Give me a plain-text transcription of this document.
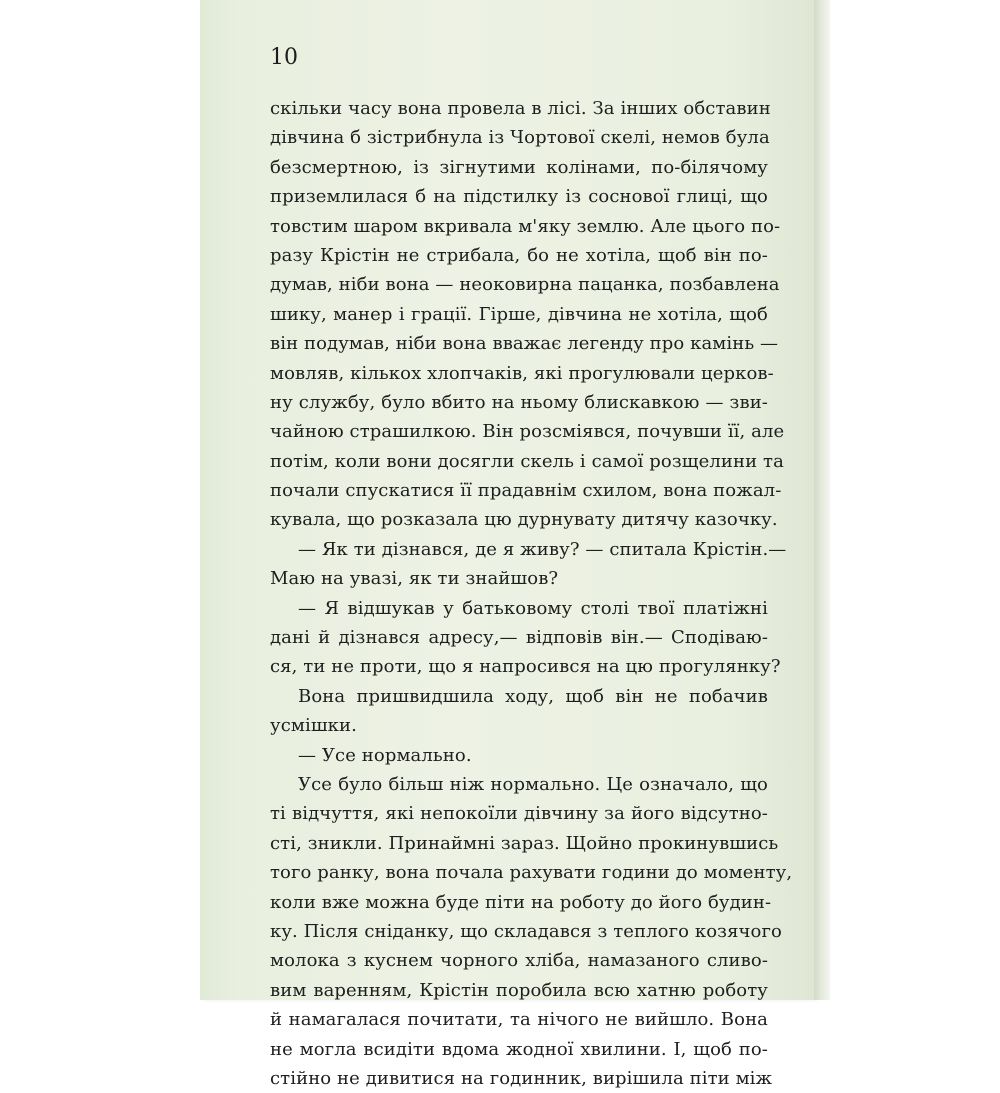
10

скільки часу вона провела в лісі. За інших обставин
дівчина б зістрибнула із Чортової скелі, немов була
безсмертною, із зігнутими колінами, по-білячому
приземлилася б на підстилку із соснової глиці, що
товстим шаром вкривала м'яку землю. Але цього по-
разу Крістін не стрибала, бо не хотіла, щоб він по-
думав, ніби вона — неоковирна пацанка, позбавлена
шику, манер і грації. Гірше, дівчина не хотіла, щоб
він подумав, ніби вона вважає легенду про камінь —
мовляв, кількох хлопчаків, які прогулювали церков-
ну службу, було вбито на ньому блискавкою — зви-
чайною страшилкою. Він розсміявся, почувши її, але
потім, коли вони досягли скель і самої розщелини та
почали спускатися її прадавнім схилом, вона пожал-
кувала, що розказала цю дурнувату дитячу казочку.
— Як ти дізнався, де я живу? — спитала Крістін.—
Маю на увазі, як ти знайшов?
— Я відшукав у батьковому столі твої платіжні
дані й дізнався адресу,— відповів він.— Сподіваю-
ся, ти не проти, що я напросився на цю прогулянку?
Вона пришвидшила ходу, щоб він не побачив
усмішки.
— Усе нормально.
Усе було більш ніж нормально. Це означало, що
ті відчуття, які непокоїли дівчину за його відсутно-
сті, зникли. Принаймні зараз. Щойно прокинувшись
того ранку, вона почала рахувати години до моменту,
коли вже можна буде піти на роботу до його будин-
ку. Після сніданку, що складався з теплого козячого
молока з куснем чорного хліба, намазаного сливо-
вим варенням, Крістін поробила всю хатню роботу
й намагалася почитати, та нічого не вийшло. Вона
не могла всидіти вдома жодної хвилини. І, щоб по-
стійно не дивитися на годинник, вирішила піти між
